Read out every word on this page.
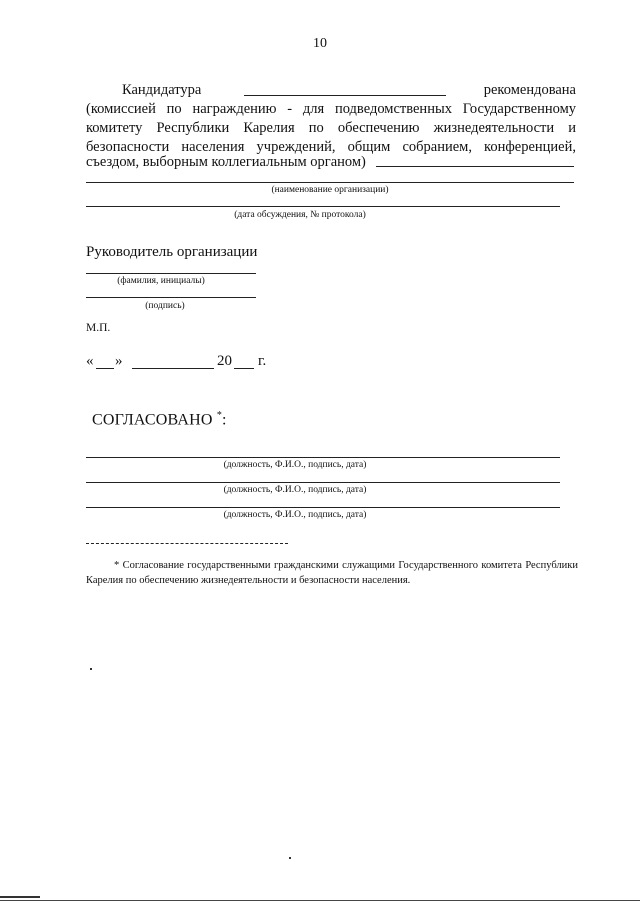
10
Кандидатура	рекомендована
(комиссией по награждению - для подведомственных Государственному
комитету Республики Карелия по обеспечению жизнедеятельности и
безопасности населения учреждений, общим собранием, конференцией,
съездом, выборным коллегиальным органом)
(наименование организации)
(дата обсуждения, № протокола)
Руководитель организации
(фамилия, инициалы)
(подпись)
М.П.
« »	20 г.
СОГЛАСОВАНО *:
(должность, Ф.И.О., подпись, дата)
(должность, Ф.И.О., подпись, дата)
(должность, Ф.И.О., подпись, дата)
* Согласование государственными гражданскими служащими Государственного комитета Республики Карелия по обеспечению жизнедеятельности и безопасности населения.
